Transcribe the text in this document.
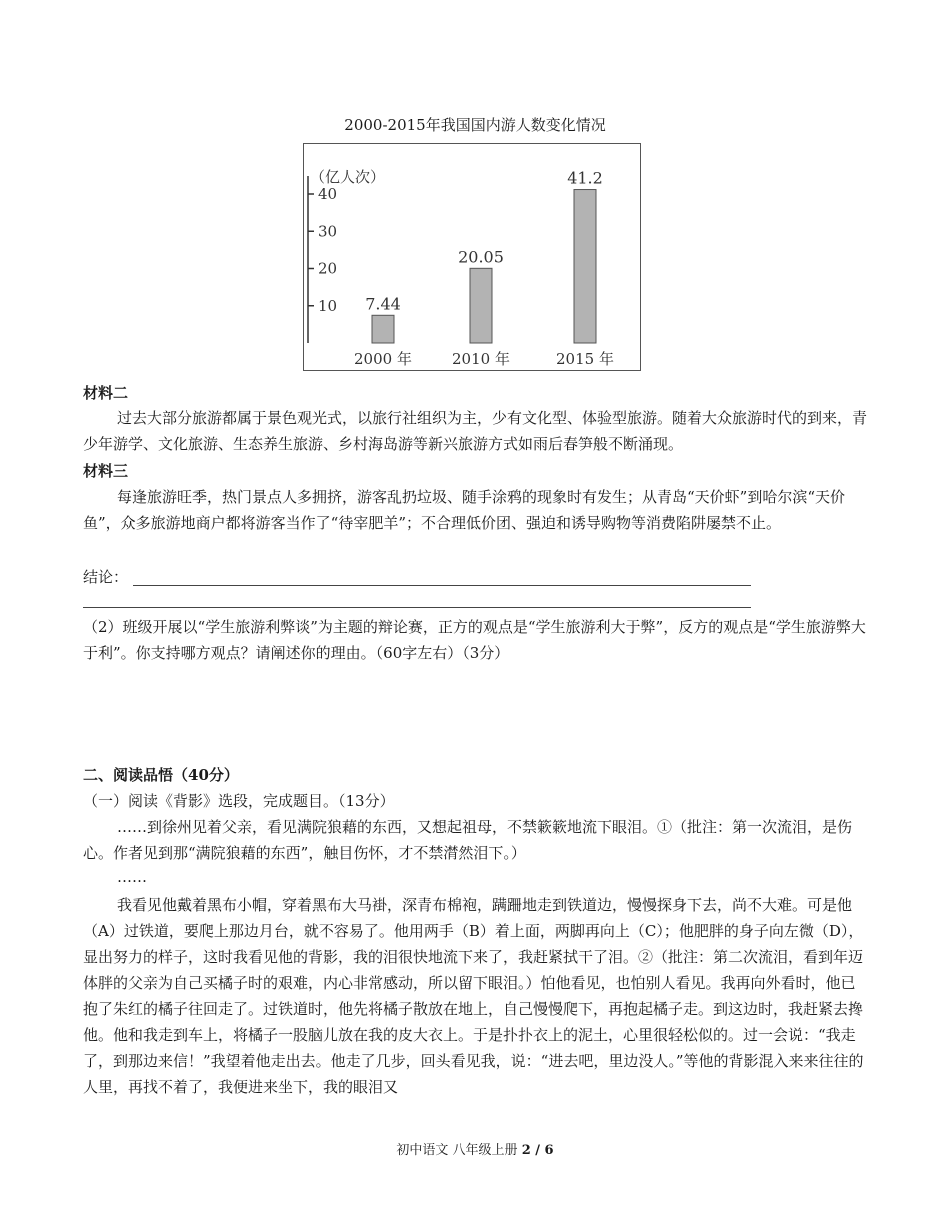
2000-2015年我国国内游人数变化情况
（亿人次）
10
20
30
40
7.44
2000 年
20.05
2010 年
41.2
2015 年
材料二
过去大部分旅游都属于景色观光式，以旅行社组织为主，少有文化型、体验型旅游。随着大众旅游时代的到来，青少年游学、文化旅游、生态养生旅游、乡村海岛游等新兴旅游方式如雨后春笋般不断涌现。
材料三
每逢旅游旺季，热门景点人多拥挤，游客乱扔垃圾、随手涂鸦的现象时有发生；从青岛“天价虾”到哈尔滨“天价鱼”，众多旅游地商户都将游客当作了“待宰肥羊”；不合理低价团、强迫和诱导购物等消费陷阱屡禁不止。
结论：
（2）班级开展以“学生旅游利弊谈”为主题的辩论赛，正方的观点是“学生旅游利大于弊”，反方的观点是“学生旅游弊大于利”。你支持哪方观点？请阐述你的理由。（60字左右）（3分）
二、阅读品悟（40分）
（一）阅读《背影》选段，完成题目。（13分）
……到徐州见着父亲，看见满院狼藉的东西，又想起祖母，不禁簌簌地流下眼泪。①（批注：第一次流泪，是伤心。作者见到那“满院狼藉的东西”，触目伤怀，才不禁潸然泪下。）
……
我看见他戴着黑布小帽，穿着黑布大马褂，深青布棉袍，蹒跚地走到铁道边，慢慢探身下去，尚不大难。可是他（A）过铁道，要爬上那边月台，就不容易了。他用两手（B）着上面，两脚再向上（C）；他肥胖的身子向左微（D），显出努力的样子，这时我看见他的背影，我的泪很快地流下来了，我赶紧拭干了泪。②（批注：第二次流泪，看到年迈体胖的父亲为自己买橘子时的艰难，内心非常感动，所以留下眼泪。）怕他看见，也怕别人看见。我再向外看时，他已抱了朱红的橘子往回走了。过铁道时，他先将橘子散放在地上，自己慢慢爬下，再抱起橘子走。到这边时，我赶紧去搀他。他和我走到车上，将橘子一股脑儿放在我的皮大衣上。于是扑扑衣上的泥土，心里很轻松似的。过一会说：“我走了，到那边来信！”我望着他走出去。他走了几步，回头看见我，说：“进去吧，里边没人。”等他的背影混入来来往往的人里，再找不着了，我便进来坐下，我的眼泪又
初中语文 八年级上册 2 / 6
